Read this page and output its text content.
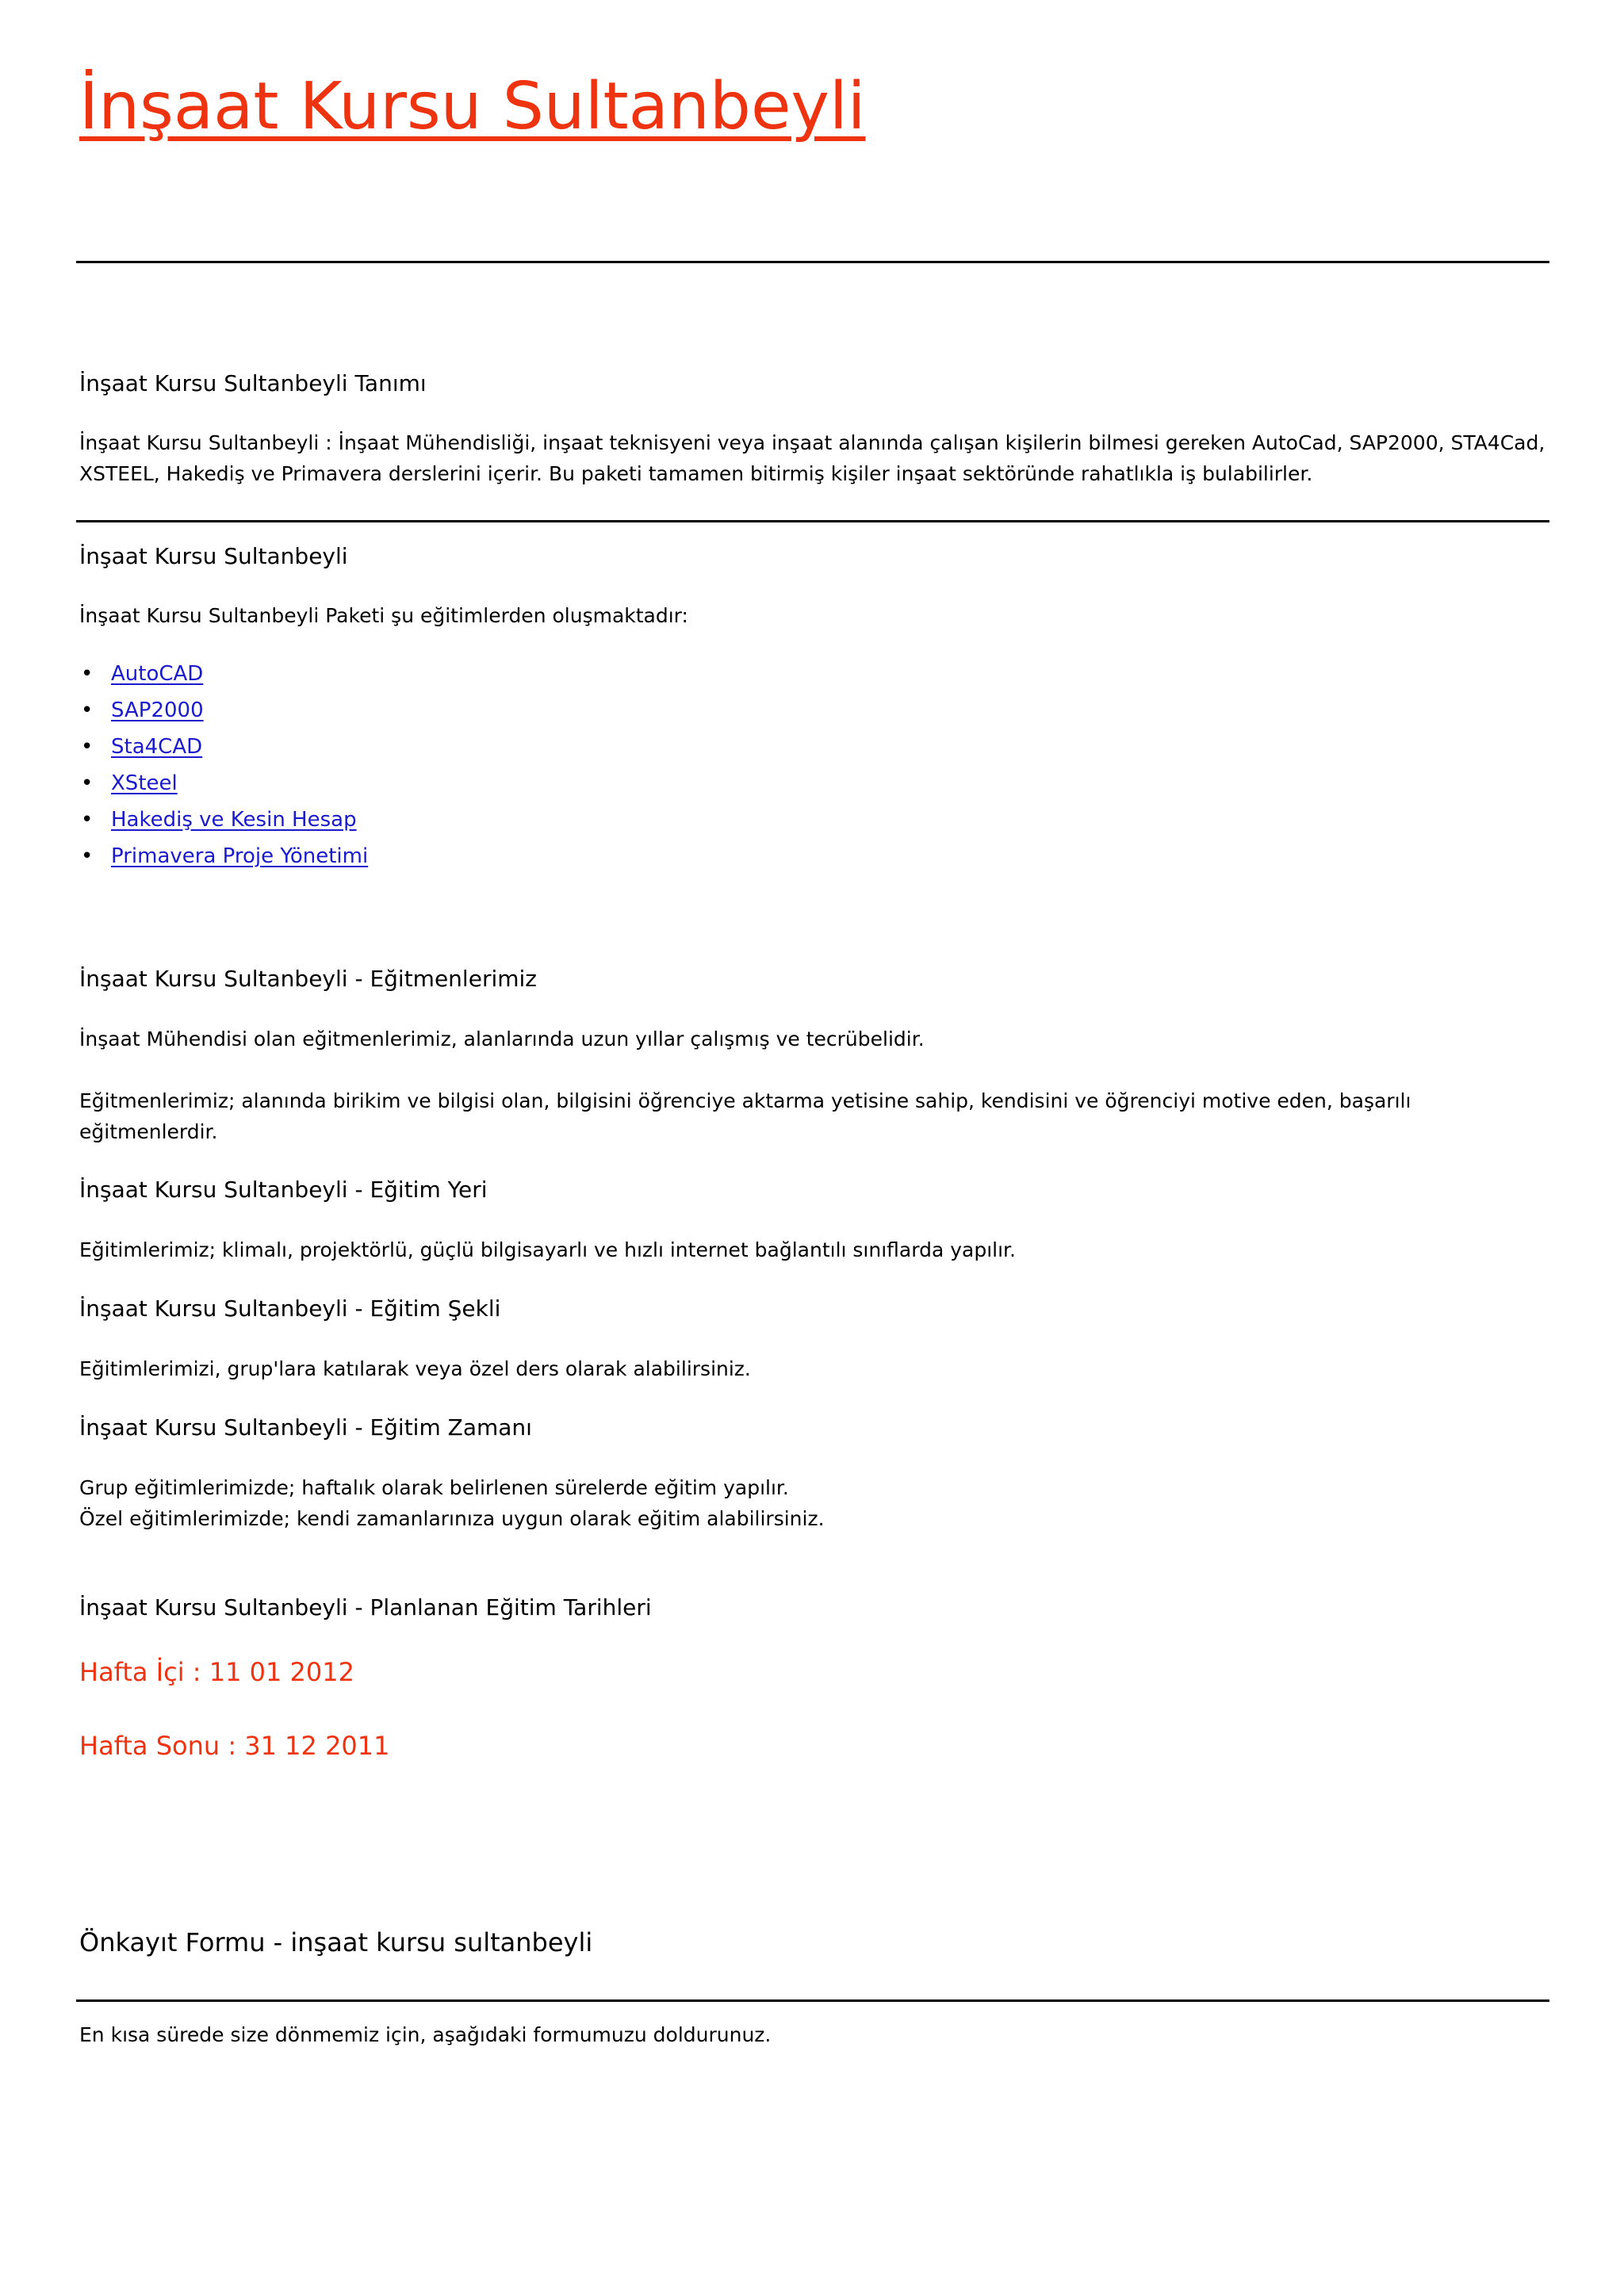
İnşaat Kursu Sultanbeyli
İnşaat Kursu Sultanbeyli Tanımı
İnşaat Kursu Sultanbeyli : İnşaat Mühendisliği, inşaat teknisyeni veya inşaat alanında çalışan kişilerin bilmesi gereken AutoCad, SAP2000, STA4Cad, XSTEEL, Hakediş ve Primavera derslerini içerir. Bu paketi tamamen bitirmiş kişiler inşaat sektöründe rahatlıkla iş bulabilirler.
İnşaat Kursu Sultanbeyli
İnşaat Kursu Sultanbeyli Paketi şu eğitimlerden oluşmaktadır:
• AutoCAD
• SAP2000
• Sta4CAD
• XSteel
• Hakediş ve Kesin Hesap
• Primavera Proje Yönetimi
İnşaat Kursu Sultanbeyli - Eğitmenlerimiz
İnşaat Mühendisi olan eğitmenlerimiz, alanlarında uzun yıllar çalışmış ve tecrübelidir.
Eğitmenlerimiz; alanında birikim ve bilgisi olan, bilgisini öğrenciye aktarma yetisine sahip, kendisini ve öğrenciyi motive eden, başarılı eğitmenlerdir.
İnşaat Kursu Sultanbeyli - Eğitim Yeri
Eğitimlerimiz; klimalı, projektörlü, güçlü bilgisayarlı ve hızlı internet bağlantılı sınıflarda yapılır.
İnşaat Kursu Sultanbeyli - Eğitim Şekli
Eğitimlerimizi, grup'lara katılarak veya özel ders olarak alabilirsiniz.
İnşaat Kursu Sultanbeyli - Eğitim Zamanı
Grup eğitimlerimizde; haftalık olarak belirlenen sürelerde eğitim yapılır.
Özel eğitimlerimizde; kendi zamanlarınıza uygun olarak eğitim alabilirsiniz.
İnşaat Kursu Sultanbeyli - Planlanan Eğitim Tarihleri
Hafta İçi : 11 01 2012
Hafta Sonu : 31 12 2011
Önkayıt Formu - inşaat kursu sultanbeyli
En kısa sürede size dönmemiz için, aşağıdaki formumuzu doldurunuz.
